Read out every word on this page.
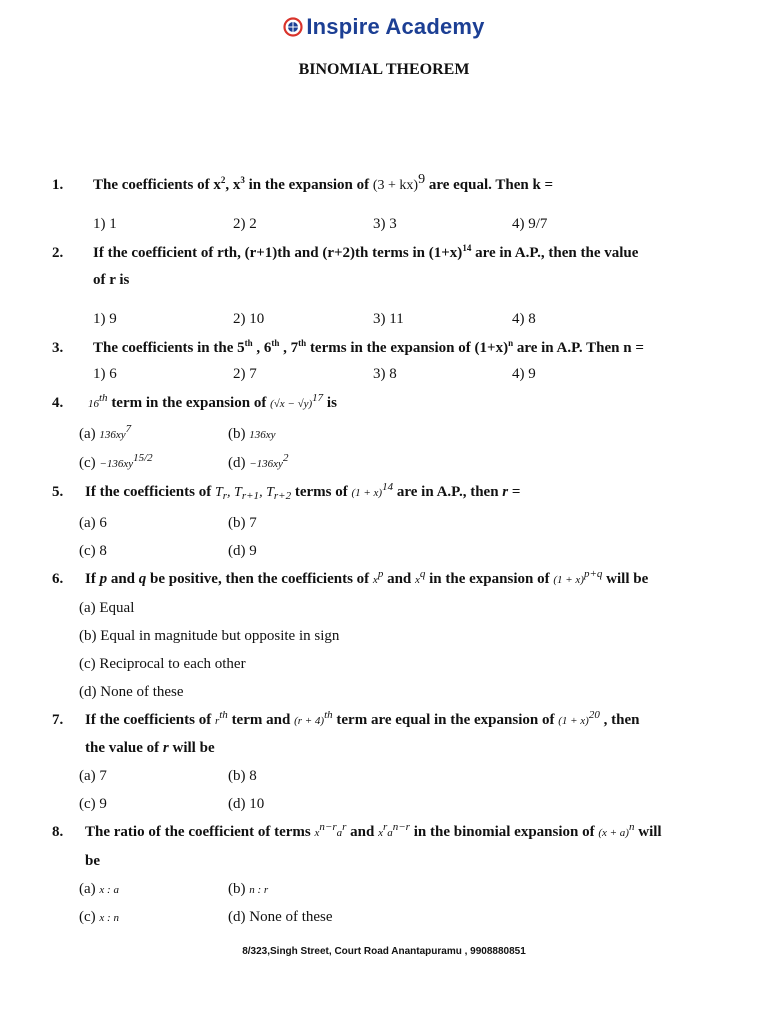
Inspire Academy
BINOMIAL THEOREM
1. The coefficients of $x^2$, $x^3$ in the expansion of (3 + kx)$^9$ are equal. Then k =
1) 1	2) 2	3) 3	4) 9/7
2. If the coefficient of rth, (r+1)th and (r+2)th terms in $(1+x)^{14}$ are in A.P., then the value
of r is
1) 9	2) 10	3) 11	4) 8
3. The coefficients in the 5th , 6th , 7th terms in the expansion of $(1+x)^n$ are in A.P. Then n =
1) 6	2) 7	3) 8	4) 9
4. 16th term in the expansion of $(√x - √y)^{17}$ is
(a) $136xy^7$	(b) 136xy
$(c) -136xy^{15/2}$	$(d) -136xy^2$
5. If the coefficients of $T_r$, $T_{r+1}$, $T_{r+2}$ terms of $(1 + x)^{14}$ are in A.P., then r =
(a) 6	(b) 7
(c) 8	(d) 9
6. If p and q be positive, then the coefficients of $x^p$ and $x^q$ in the expansion of $(1 + x)^{p+q}$ will be
(a) Equal
(b) Equal in magnitude but opposite in sign
(c) Reciprocal to each other
(d) None of these
7. If the coefficients of $r^{th}$ term and $(r + 4)^{th}$ term are equal in the expansion of $(1 + x)^{20}$ , then
the value of r will be
(a) 7	(b) 8
(c) 9	(d) 10
8. The ratio of the coefficient of terms $x^{n-r}a^r$ and $x^ra^{n-r}$ in the binomial expansion of $(x + a)^n$ will
be
(a) x : a	(b) n : r
(c) x : n	(d) None of these
8/323,Singh Street, Court Road Anantapuramu , 9908880851
